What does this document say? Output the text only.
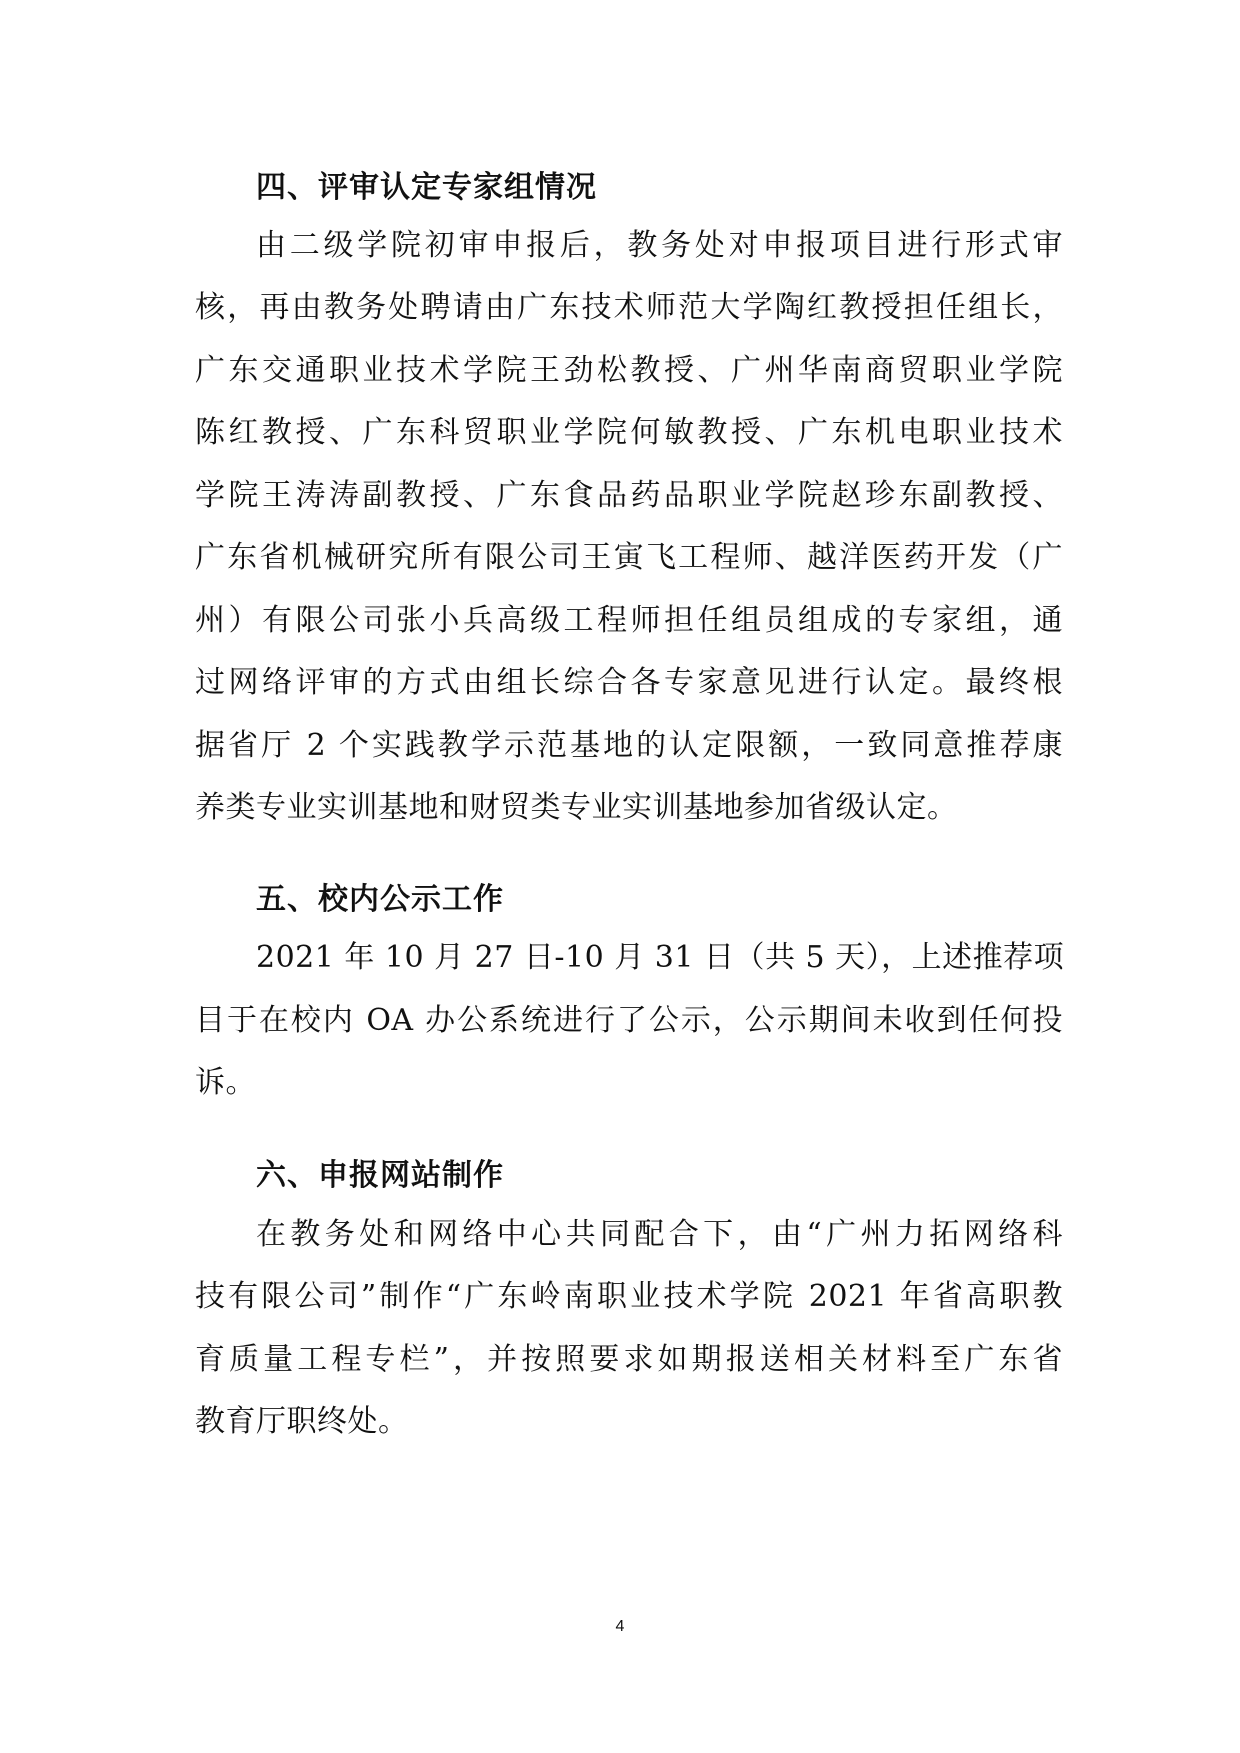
四、评审认定专家组情况
由二级学院初审申报后，教务处对申报项目进行形式审
核，再由教务处聘请由广东技术师范大学陶红教授担任组长，
广东交通职业技术学院王劲松教授、广州华南商贸职业学院
陈红教授、广东科贸职业学院何敏教授、广东机电职业技术
学院王涛涛副教授、广东食品药品职业学院赵珍东副教授、
广东省机械研究所有限公司王寅飞工程师、越洋医药开发（广
州）有限公司张小兵高级工程师担任组员组成的专家组，通
过网络评审的方式由组长综合各专家意见进行认定。最终根
据省厅 2 个实践教学示范基地的认定限额，一致同意推荐康
养类专业实训基地和财贸类专业实训基地参加省级认定。
五、校内公示工作
2021 年 10 月 27 日-10 月 31 日（共 5 天），上述推荐项
目于在校内 OA 办公系统进行了公示，公示期间未收到任何投
诉。
六、申报网站制作
在教务处和网络中心共同配合下，由“广州力拓网络科
技有限公司”制作“广东岭南职业技术学院 2021 年省高职教
育质量工程专栏”，并按照要求如期报送相关材料至广东省
教育厅职终处。
4
